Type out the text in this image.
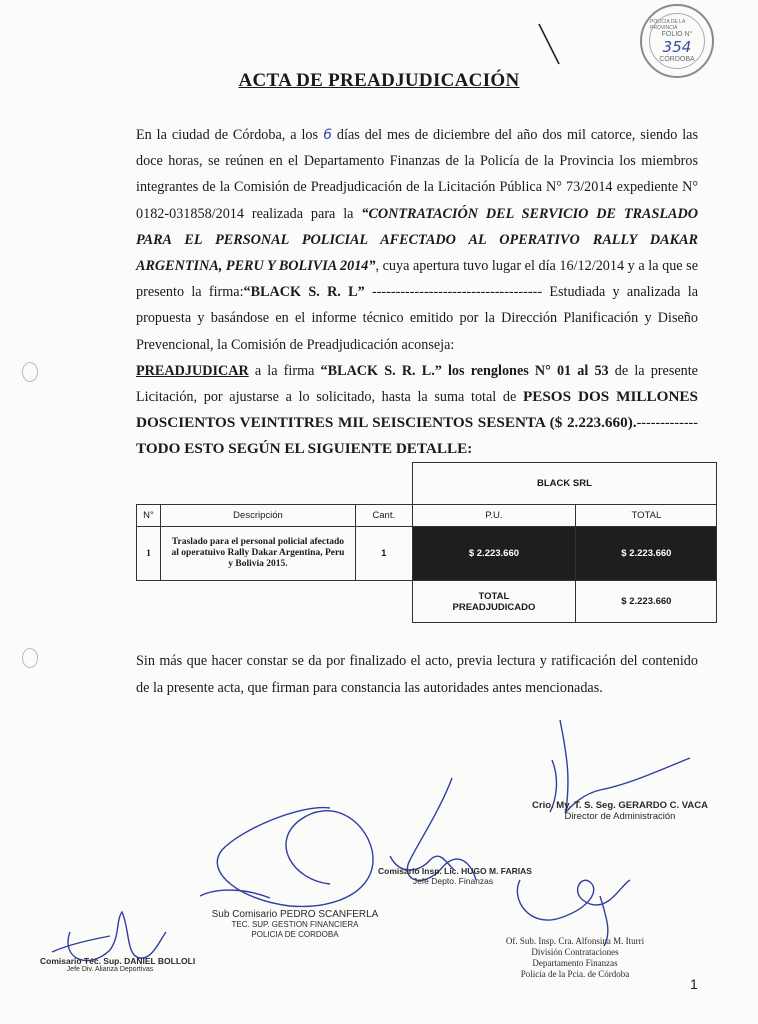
POLICIA DE LA PROVINCIA
FOLIO N°
354
CÓRDOBA
ACTA DE PREADJUDICACIÓN

En la ciudad de Córdoba, a los 6 días del mes de diciembre del año dos mil catorce, siendo las doce horas, se reúnen en el Departamento Finanzas de la Policía de la Provincia los miembros integrantes de la Comisión de Preadjudicación de la Licitación Pública N° 73/2014 expediente N° 0182-031858/2014 realizada para la “CONTRATACIÓN DEL SERVICIO DE TRASLADO PARA EL PERSONAL POLICIAL AFECTADO AL OPERATIVO RALLY DAKAR ARGENTINA, PERU Y BOLIVIA 2014”, cuya apertura tuvo lugar el día 16/12/2014 y a la que se presento la firma:“BLACK S. R. L” ------------------------------------ Estudiada y analizada la propuesta y basándose en el informe técnico emitido por la Dirección Planificación y Diseño Prevencional, la Comisión de Preadjudicación aconseja:

PREADJUDICAR a la firma “BLACK S. R. L.” los renglones N° 01 al 53 de la presente Licitación, por ajustarse a lo solicitado, hasta la suma total de PESOS DOS MILLONES DOSCIENTOS VEINTITRES MIL SEISCIENTOS SESENTA ($ 2.223.660).------------- TODO ESTO SEGÚN EL SIGUIENTE DETALLE:

			BLACK SRL	
N°	Descripción	Cant.	P.U.	TOTAL
1	Traslado para el personal policial afectado al operatuivo Rally Dakar Argentina, Peru y Bolivia 2015.	1	$ 2.223.660	$ 2.223.660
			TOTAL PREADJUDICADO	$ 2.223.660

Sin más que hacer constar se da por finalizado el acto, previa lectura y ratificación del contenido de la presente acta, que firman para constancia las autoridades antes mencionadas.

Crio. My. T. S. Seg. GERARDO C. VACA
Director de Administración
Comisario Insp. Lic. HUGO M. FARIAS
Jefe Depto. Finanzas
Sub Comisario PEDRO SCANFERLA
TEC. SUP. GESTION FINANCIERA
POLICIA DE CORDOBA
Comisario Téc. Sup. DANIEL BOLLOLI
Jefe Div. Alianza Deportivas
Of. Sub. Insp. Cra. Alfonsina M. Iturri
División Contrataciones
Departamento Finanzas
Policía de la Pcia. de Córdoba
1
